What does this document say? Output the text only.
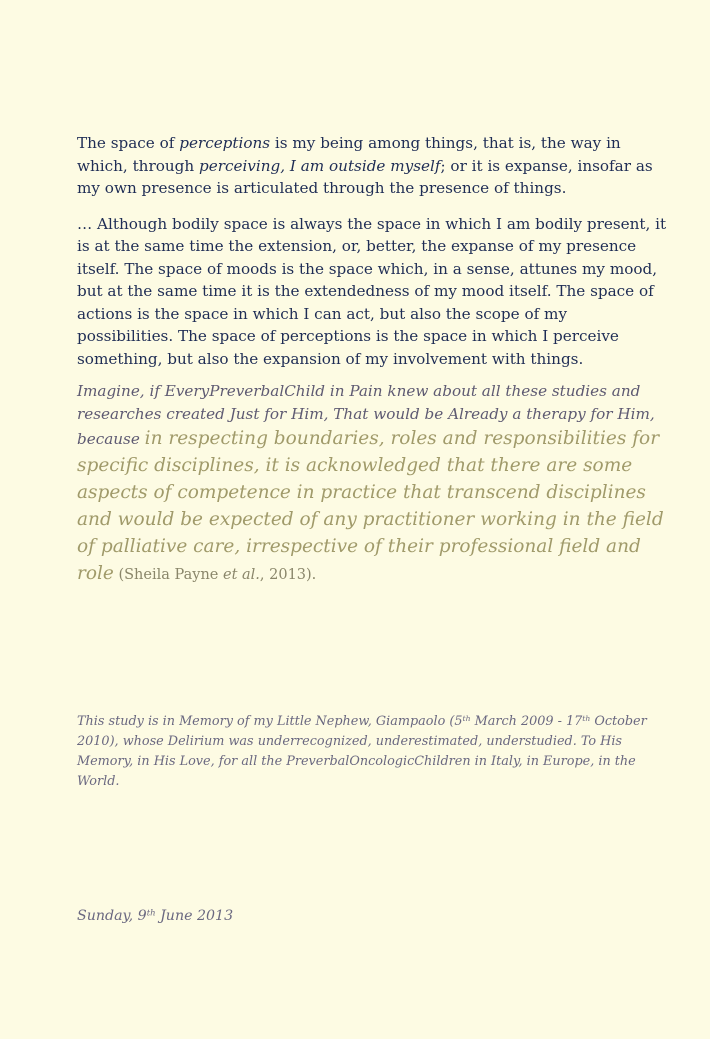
The space of perceptions is my being among things, that is, the way in which, through perceiving, I am outside myself; or it is expanse, insofar as my own presence is articulated through the presence of things.

… Although bodily space is always the space in which I am bodily present, it is at the same time the extension, or, better, the expanse of my presence itself. The space of moods is the space which, in a sense, attunes my mood, but at the same time it is the extendedness of my mood itself. The space of actions is the space in which I can act, but also the scope of my possibilities. The space of perceptions is the space in which I perceive something, but also the expansion of my involvement with things.

Imagine, if EveryPreverbalChild in Pain knew about all these studies and researches created Just for Him, That would be Already a therapy for Him, because in respecting boundaries, roles and responsibilities for specific disciplines, it is acknowledged that there are some aspects of competence in practice that transcend disciplines and would be expected of any practitioner working in the field of palliative care, irrespective of their professional field and role (Sheila Payne et al., 2013).

This study is in Memory of my Little Nephew, Giampaolo (5th March 2009 - 17th October 2010), whose Delirium was underrecognized, underestimated, understudied. To His Memory, in His Love, for all the PreverbalOncologicChildren in Italy, in Europe, in the World.

Sunday, 9th June 2013
